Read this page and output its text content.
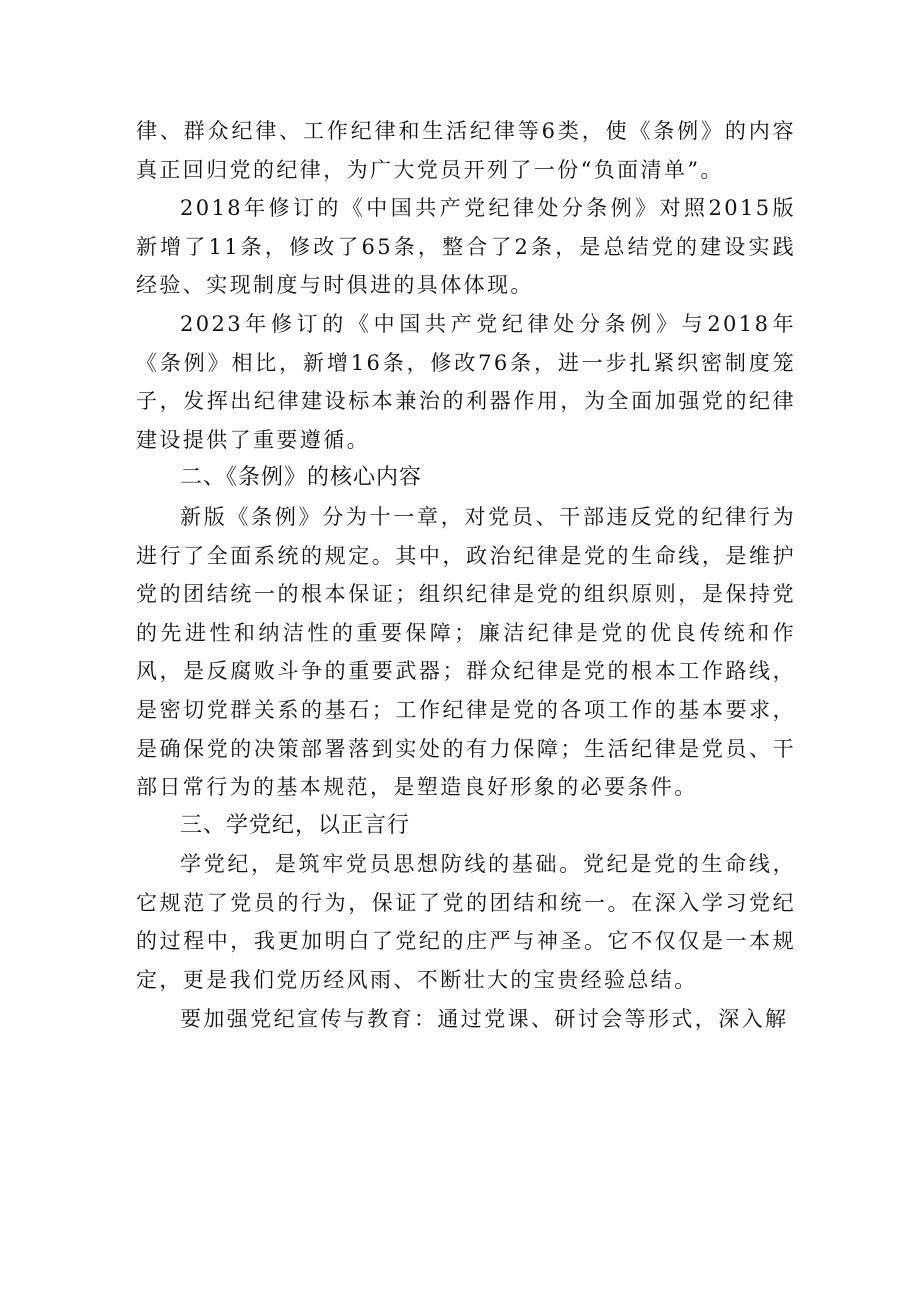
律、群众纪律、工作纪律和生活纪律等6类，使《条例》的内容真正回归党的纪律，为广大党员开列了一份“负面清单”。

2018年修订的《中国共产党纪律处分条例》对照2015版新增了11条，修改了65条，整合了2条，是总结党的建设实践经验、实现制度与时俱进的具体体现。

2023年修订的《中国共产党纪律处分条例》与2018年《条例》相比，新增16条，修改76条，进一步扎紧织密制度笼子，发挥出纪律建设标本兼治的利器作用，为全面加强党的纪律建设提供了重要遵循。

二、《条例》的核心内容

新版《条例》分为十一章，对党员、干部违反党的纪律行为进行了全面系统的规定。其中，政治纪律是党的生命线，是维护党的团结统一的根本保证；组织纪律是党的组织原则，是保持党的先进性和纳洁性的重要保障；廉洁纪律是党的优良传统和作风，是反腐败斗争的重要武器；群众纪律是党的根本工作路线，是密切党群关系的基石；工作纪律是党的各项工作的基本要求，是确保党的决策部署落到实处的有力保障；生活纪律是党员、干部日常行为的基本规范，是塑造良好形象的必要条件。

三、学党纪，以正言行

学党纪，是筑牢党员思想防线的基础。党纪是党的生命线，它规范了党员的行为，保证了党的团结和统一。在深入学习党纪的过程中，我更加明白了党纪的庄严与神圣。它不仅仅是一本规定，更是我们党历经风雨、不断壮大的宝贵经验总结。

要加强党纪宣传与教育：通过党课、研讨会等形式，深入解
